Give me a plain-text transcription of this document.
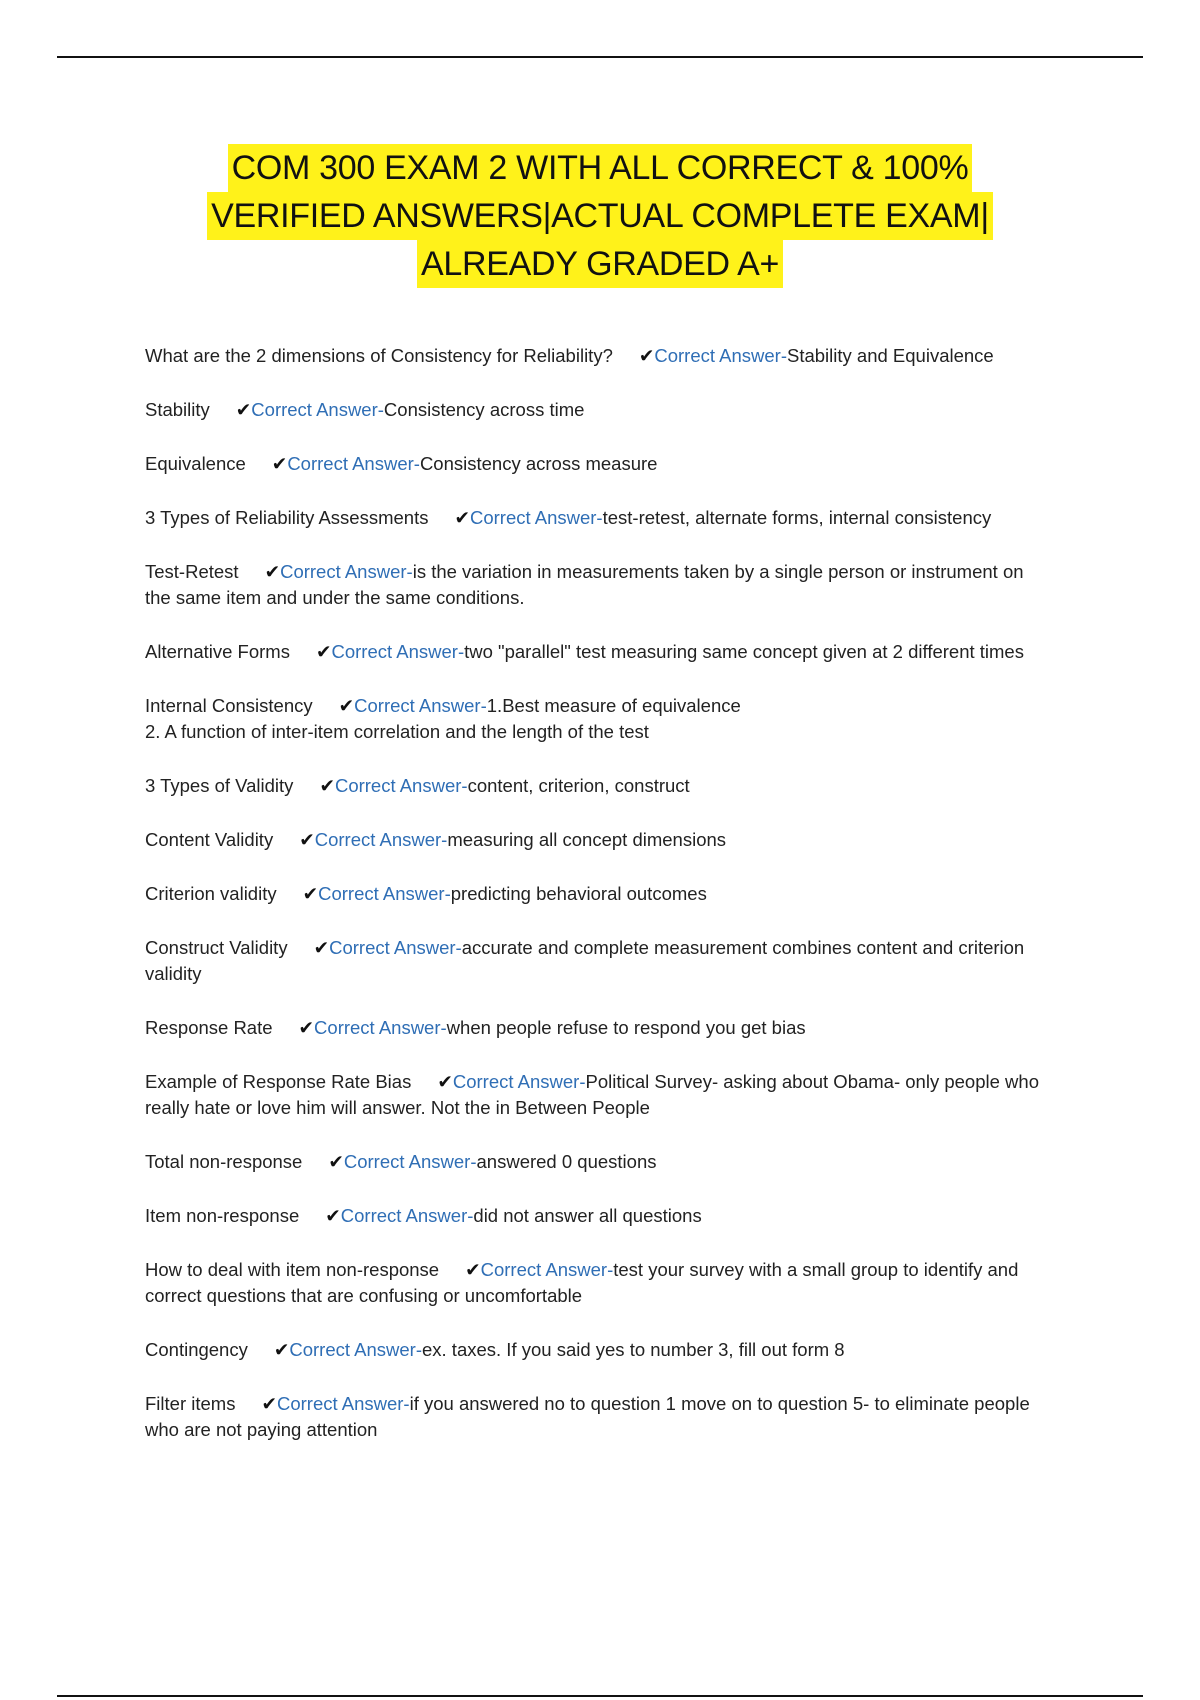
COM 300 EXAM 2 WITH ALL CORRECT & 100%
VERIFIED ANSWERS|ACTUAL COMPLETE EXAM|
ALREADY GRADED A+
What are the 2 dimensions of Consistency for Reliability? ✔Correct Answer-Stability and Equivalence
Stability ✔Correct Answer-Consistency across time
Equivalence ✔Correct Answer-Consistency across measure
3 Types of Reliability Assessments ✔Correct Answer-test-retest, alternate forms, internal consistency
Test-Retest ✔Correct Answer-is the variation in measurements taken by a single person or instrument on the same item and under the same conditions.
Alternative Forms ✔Correct Answer-two "parallel" test measuring same concept given at 2 different times
Internal Consistency ✔Correct Answer-1.Best measure of equivalence
2. A function of inter-item correlation and the length of the test
3 Types of Validity ✔Correct Answer-content, criterion, construct
Content Validity ✔Correct Answer-measuring all concept dimensions
Criterion validity ✔Correct Answer-predicting behavioral outcomes
Construct Validity ✔Correct Answer-accurate and complete measurement combines content and criterion validity
Response Rate ✔Correct Answer-when people refuse to respond you get bias
Example of Response Rate Bias ✔Correct Answer-Political Survey- asking about Obama- only people who really hate or love him will answer. Not the in Between People
Total non-response ✔Correct Answer-answered 0 questions
Item non-response ✔Correct Answer-did not answer all questions
How to deal with item non-response ✔Correct Answer-test your survey with a small group to identify and correct questions that are confusing or uncomfortable
Contingency ✔Correct Answer-ex. taxes. If you said yes to number 3, fill out form 8
Filter items ✔Correct Answer-if you answered no to question 1 move on to question 5- to eliminate people who are not paying attention
